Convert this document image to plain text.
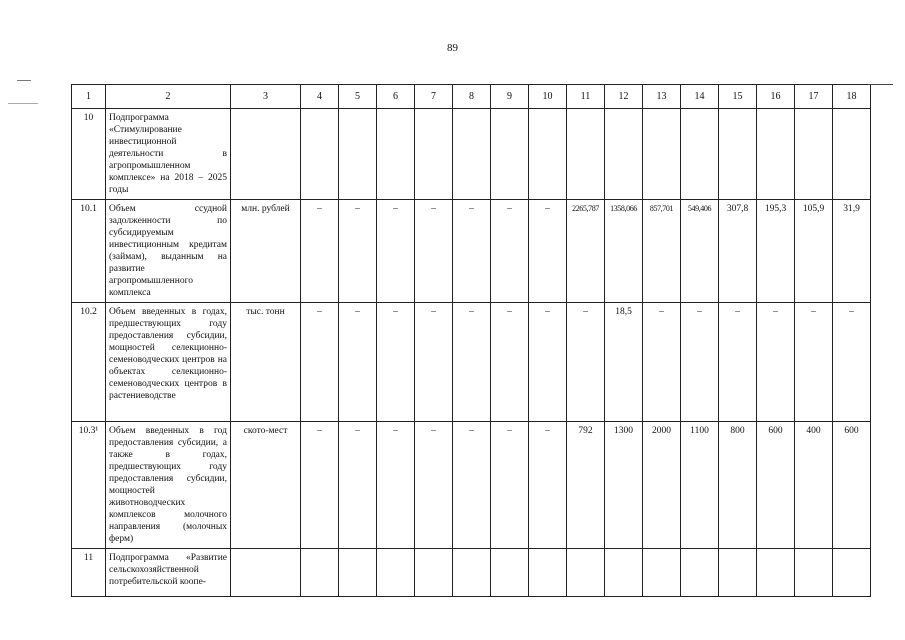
89
1	2	3	4	5	6	7	8	9	10	11	12	13	14	15	16	17	18
10	Подпрограмма «Стимулирование инвестиционной деятельности в агропромышленном комплексе» на 2018 – 2025 годы																
10.1	Объем ссудной задолженности по субсидируемым инвестиционным кредитам (займам), выданным на развитие агропромышленного комплекса	млн. рублей	–	–	–	–	–	–	–	2265,787	1358,066	857,701	549,406	307,8	195,3	105,9	31,9
10.2	Объем введенных в годах, предшествующих году предоставления субсидии, мощностей селекционно-семеноводческих центров на объектах селекционно-семеноводческих центров в растениеводстве	тыс. тонн	–	–	–	–	–	–	–	–	18,5	–	–	–	–	–	–
10.3¹	Объем введенных в год предоставления субсидии, а также в годах, предшествующих году предоставления субсидии, мощностей животноводческих комплексов молочного направления (молочных ферм)	ското-мест	–	–	–	–	–	–	–	792	1300	2000	1100	800	600	400	600
11	Подпрограмма «Развитие сельскохозяйственной потребительской коопе-																
